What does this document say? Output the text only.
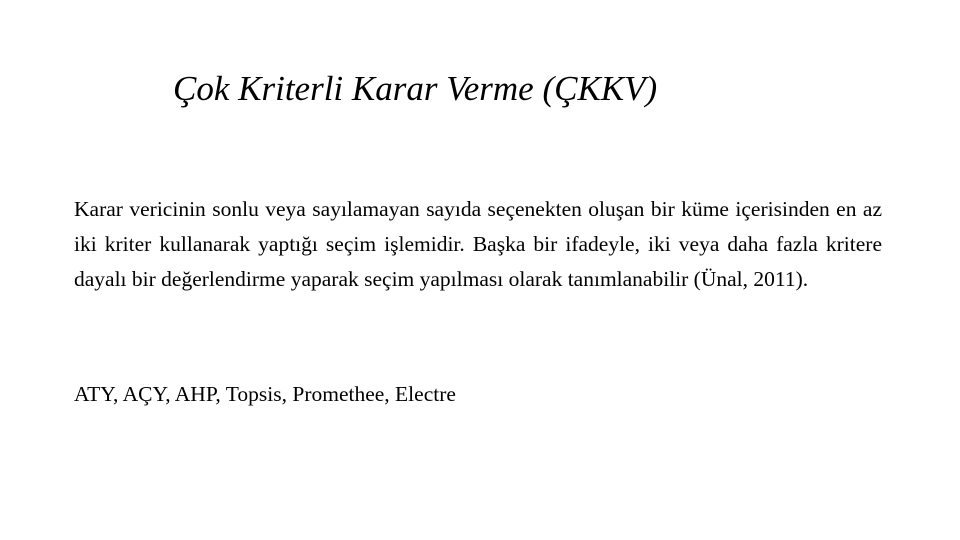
Çok Kriterli Karar Verme (ÇKKV)

Karar vericinin sonlu veya sayılamayan sayıda seçenekten oluşan bir küme içerisinden en az iki kriter kullanarak yaptığı seçim işlemidir. Başka bir ifadeyle, iki veya daha fazla kritere dayalı bir değerlendirme yaparak seçim yapılması olarak tanımlanabilir (Ünal, 2011).

ATY, AÇY, AHP, Topsis, Promethee, Electre
